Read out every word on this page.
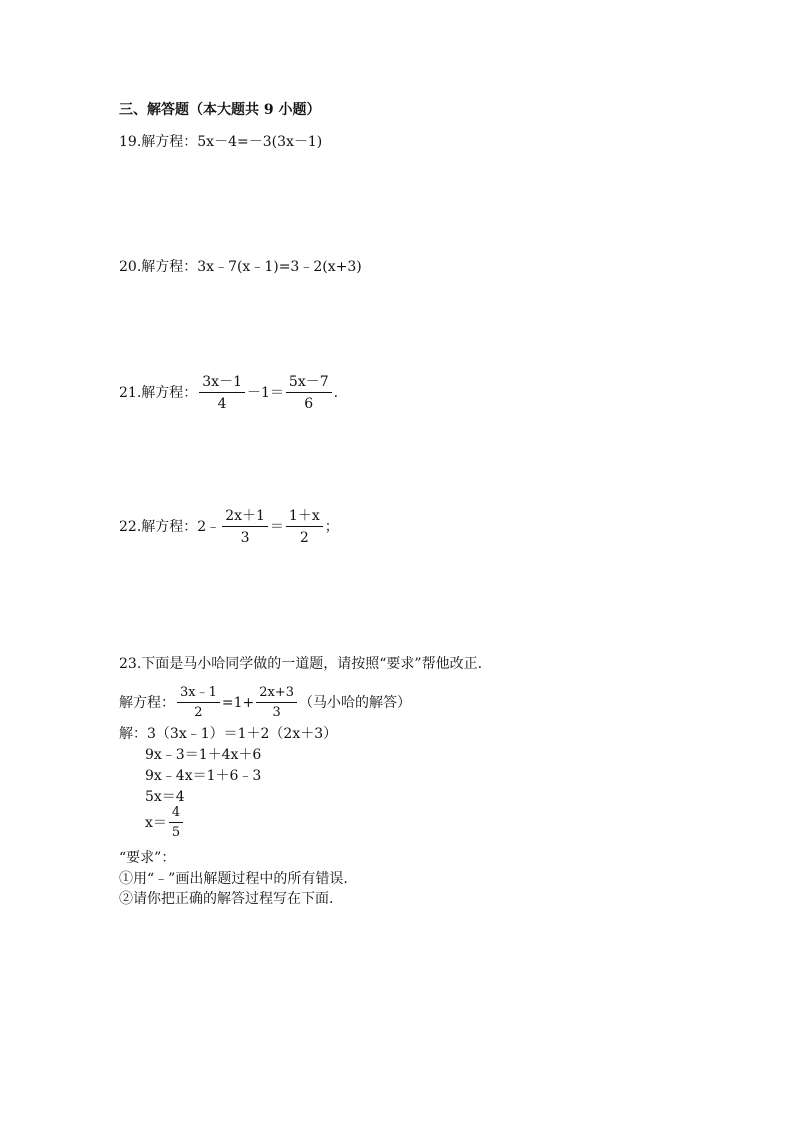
三、解答题（本大题共 9 小题）
19.解方程：5x－4=－3(3x－1)
20.解方程：3x﹣7(x﹣1)=3﹣2(x+3)
21.解方程： $\frac{3x-1}{4} -1= \frac{5x-7}{6}$ .
22.解方程： 2﹣ $\frac{2x+1}{3} = \frac{1+x}{2}$ ；
23.下面是马小哈同学做的一道题，请按照“要求”帮他改正.
解方程： $\frac{3x﹣1}{2} =1+ \frac{2x+3}{3}$ （马小哈的解答）
解：3（3x﹣1）＝1＋2（2x＋3）
9x﹣3＝1＋4x＋6
9x﹣4x＝1＋6﹣3
5x＝4
$x= \frac{4}{5}$
“要求”：
①用“﹣”画出解题过程中的所有错误.
②请你把正确的解答过程写在下面.
